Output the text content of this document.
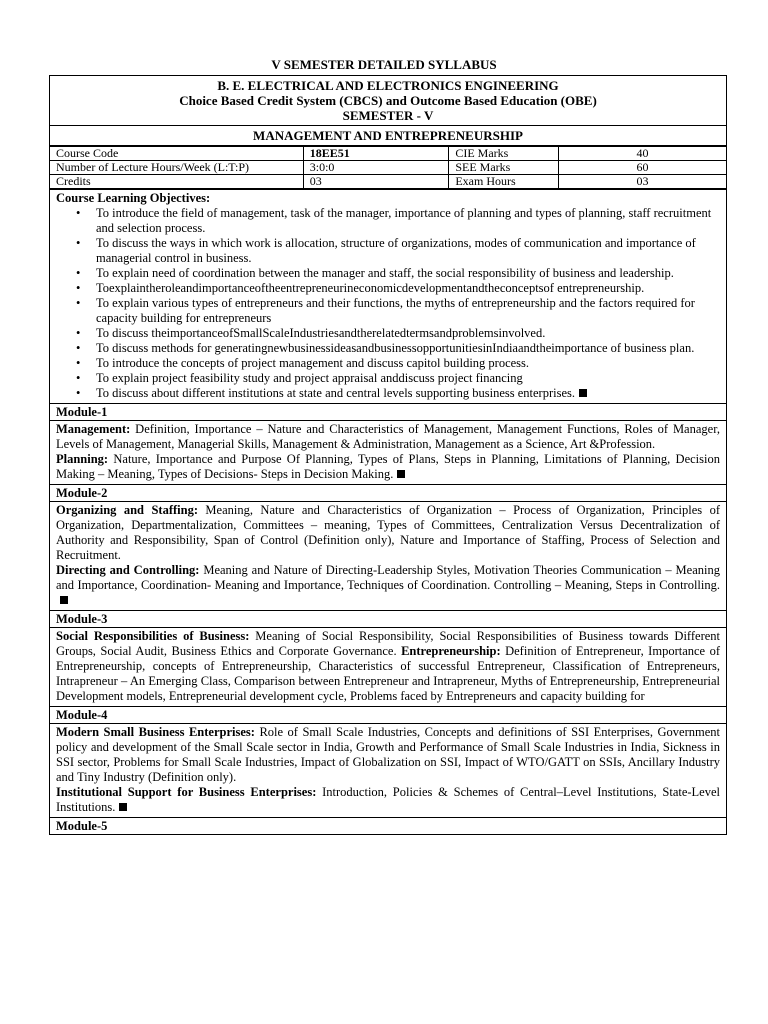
V SEMESTER DETAILED SYLLABUS
B. E. ELECTRICAL AND ELECTRONICS ENGINEERING
Choice Based Credit System (CBCS) and Outcome Based Education (OBE)
SEMESTER - V
MANAGEMENT AND ENTREPRENEURSHIP
Course Code	18EE51	CIE Marks	40
Number of Lecture Hours/Week (L:T:P)	3:0:0	SEE Marks	60
Credits	03	Exam Hours	03
Course Learning Objectives:
• To introduce the field of management, task of the manager, importance of planning and types of planning, staff recruitment and selection process.
• To discuss the ways in which work is allocation, structure of organizations, modes of communication and importance of managerial control in business.
• To explain need of coordination between the manager and staff, the social responsibility of business and leadership.
• Toexplaintheroleandimportanceoftheentrepreneurineconomicdevelopmentandtheconceptsof entrepreneurship.
• To explain various types of entrepreneurs and their functions, the myths of entrepreneurship and the factors required for capacity building for entrepreneurs
• To discuss theimportanceofSmallScaleIndustriesandtherelatedtermsandproblemsinvolved.
• To discuss methods for generatingnewbusinessideasandbusinessopportunitiesinIndiaandtheimportance of business plan.
• To introduce the concepts of project management and discuss capitol building process.
• To explain project feasibility study and project appraisal anddiscuss project financing
• To discuss about different institutions at state and central levels supporting business enterprises.
Module-1
Management: Definition, Importance – Nature and Characteristics of Management, Management Functions, Roles of Manager, Levels of Management, Managerial Skills, Management & Administration, Management as a Science, Art &Profession.
Planning: Nature, Importance and Purpose Of Planning, Types of Plans, Steps in Planning, Limitations of Planning, Decision Making – Meaning, Types of Decisions- Steps in Decision Making.
Module-2
Organizing and Staffing: Meaning, Nature and Characteristics of Organization – Process of Organization, Principles of Organization, Departmentalization, Committees – meaning, Types of Committees, Centralization Versus Decentralization of Authority and Responsibility, Span of Control (Definition only), Nature and Importance of Staffing, Process of Selection and Recruitment.
Directing and Controlling: Meaning and Nature of Directing-Leadership Styles, Motivation Theories Communication – Meaning and Importance, Coordination- Meaning and Importance, Techniques of Coordination. Controlling – Meaning, Steps in Controlling.
Module-3
Social Responsibilities of Business: Meaning of Social Responsibility, Social Responsibilities of Business towards Different Groups, Social Audit, Business Ethics and Corporate Governance. Entrepreneurship: Definition of Entrepreneur, Importance of Entrepreneurship, concepts of Entrepreneurship, Characteristics of successful Entrepreneur, Classification of Entrepreneurs, Intrapreneur – An Emerging Class, Comparison between Entrepreneur and Intrapreneur, Myths of Entrepreneurship, Entrepreneurial Development models, Entrepreneurial development cycle, Problems faced by Entrepreneurs and capacity building for
Module-4
Modern Small Business Enterprises: Role of Small Scale Industries, Concepts and definitions of SSI Enterprises, Government policy and development of the Small Scale sector in India, Growth and Performance of Small Scale Industries in India, Sickness in SSI sector, Problems for Small Scale Industries, Impact of Globalization on SSI, Impact of WTO/GATT on SSIs, Ancillary Industry and Tiny Industry (Definition only).
Institutional Support for Business Enterprises: Introduction, Policies & Schemes of Central–Level Institutions, State-Level Institutions.
Module-5
